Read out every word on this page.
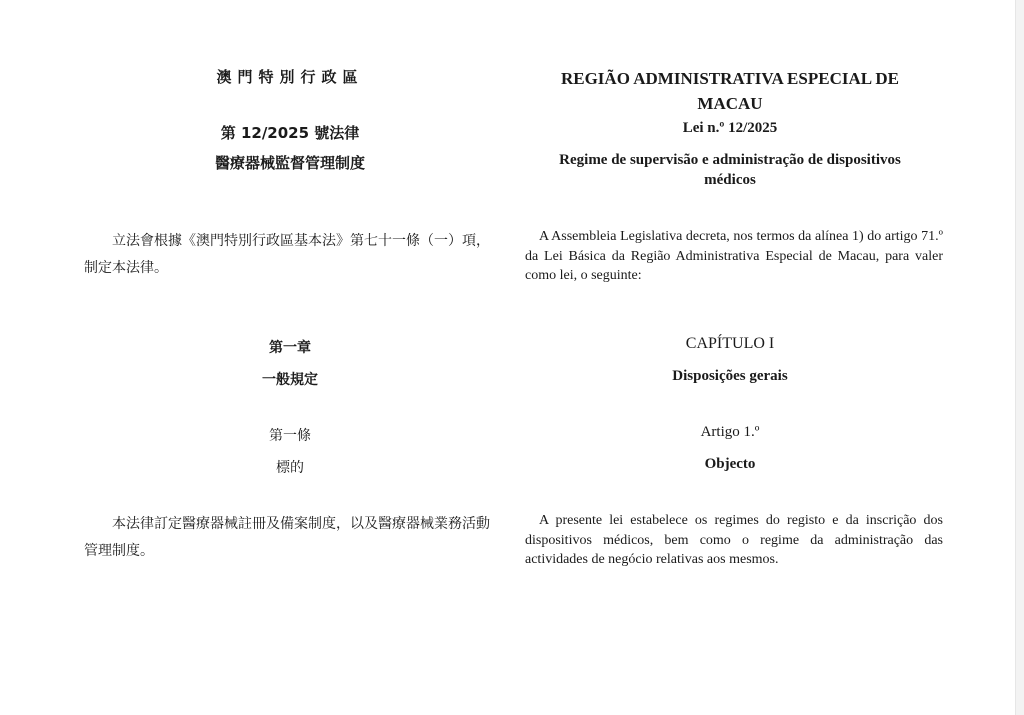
澳門特別行政區
第 12/2025 號法律
醫療器械監督管理制度

立法會根據《澳門特別行政區基本法》第七十一條（一）項，制定本法律。

第一章
一般規定
第一條
標的

本法律訂定醫療器械註冊及備案制度，以及醫療器械業務活動管理制度。

REGIÃO ADMINISTRATIVA ESPECIAL DE MACAU
Lei n.º 12/2025
Regime de supervisão e administração de dispositivos médicos

A Assembleia Legislativa decreta, nos termos da alínea 1) do artigo 71.º da Lei Básica da Região Administrativa Especial de Macau, para valer como lei, o seguinte:

CAPÍTULO I
Disposições gerais
Artigo 1.º
Objecto

A presente lei estabelece os regimes do registo e da inscrição dos dispositivos médicos, bem como o regime da administração das actividades de negócio relativas aos mesmos.
